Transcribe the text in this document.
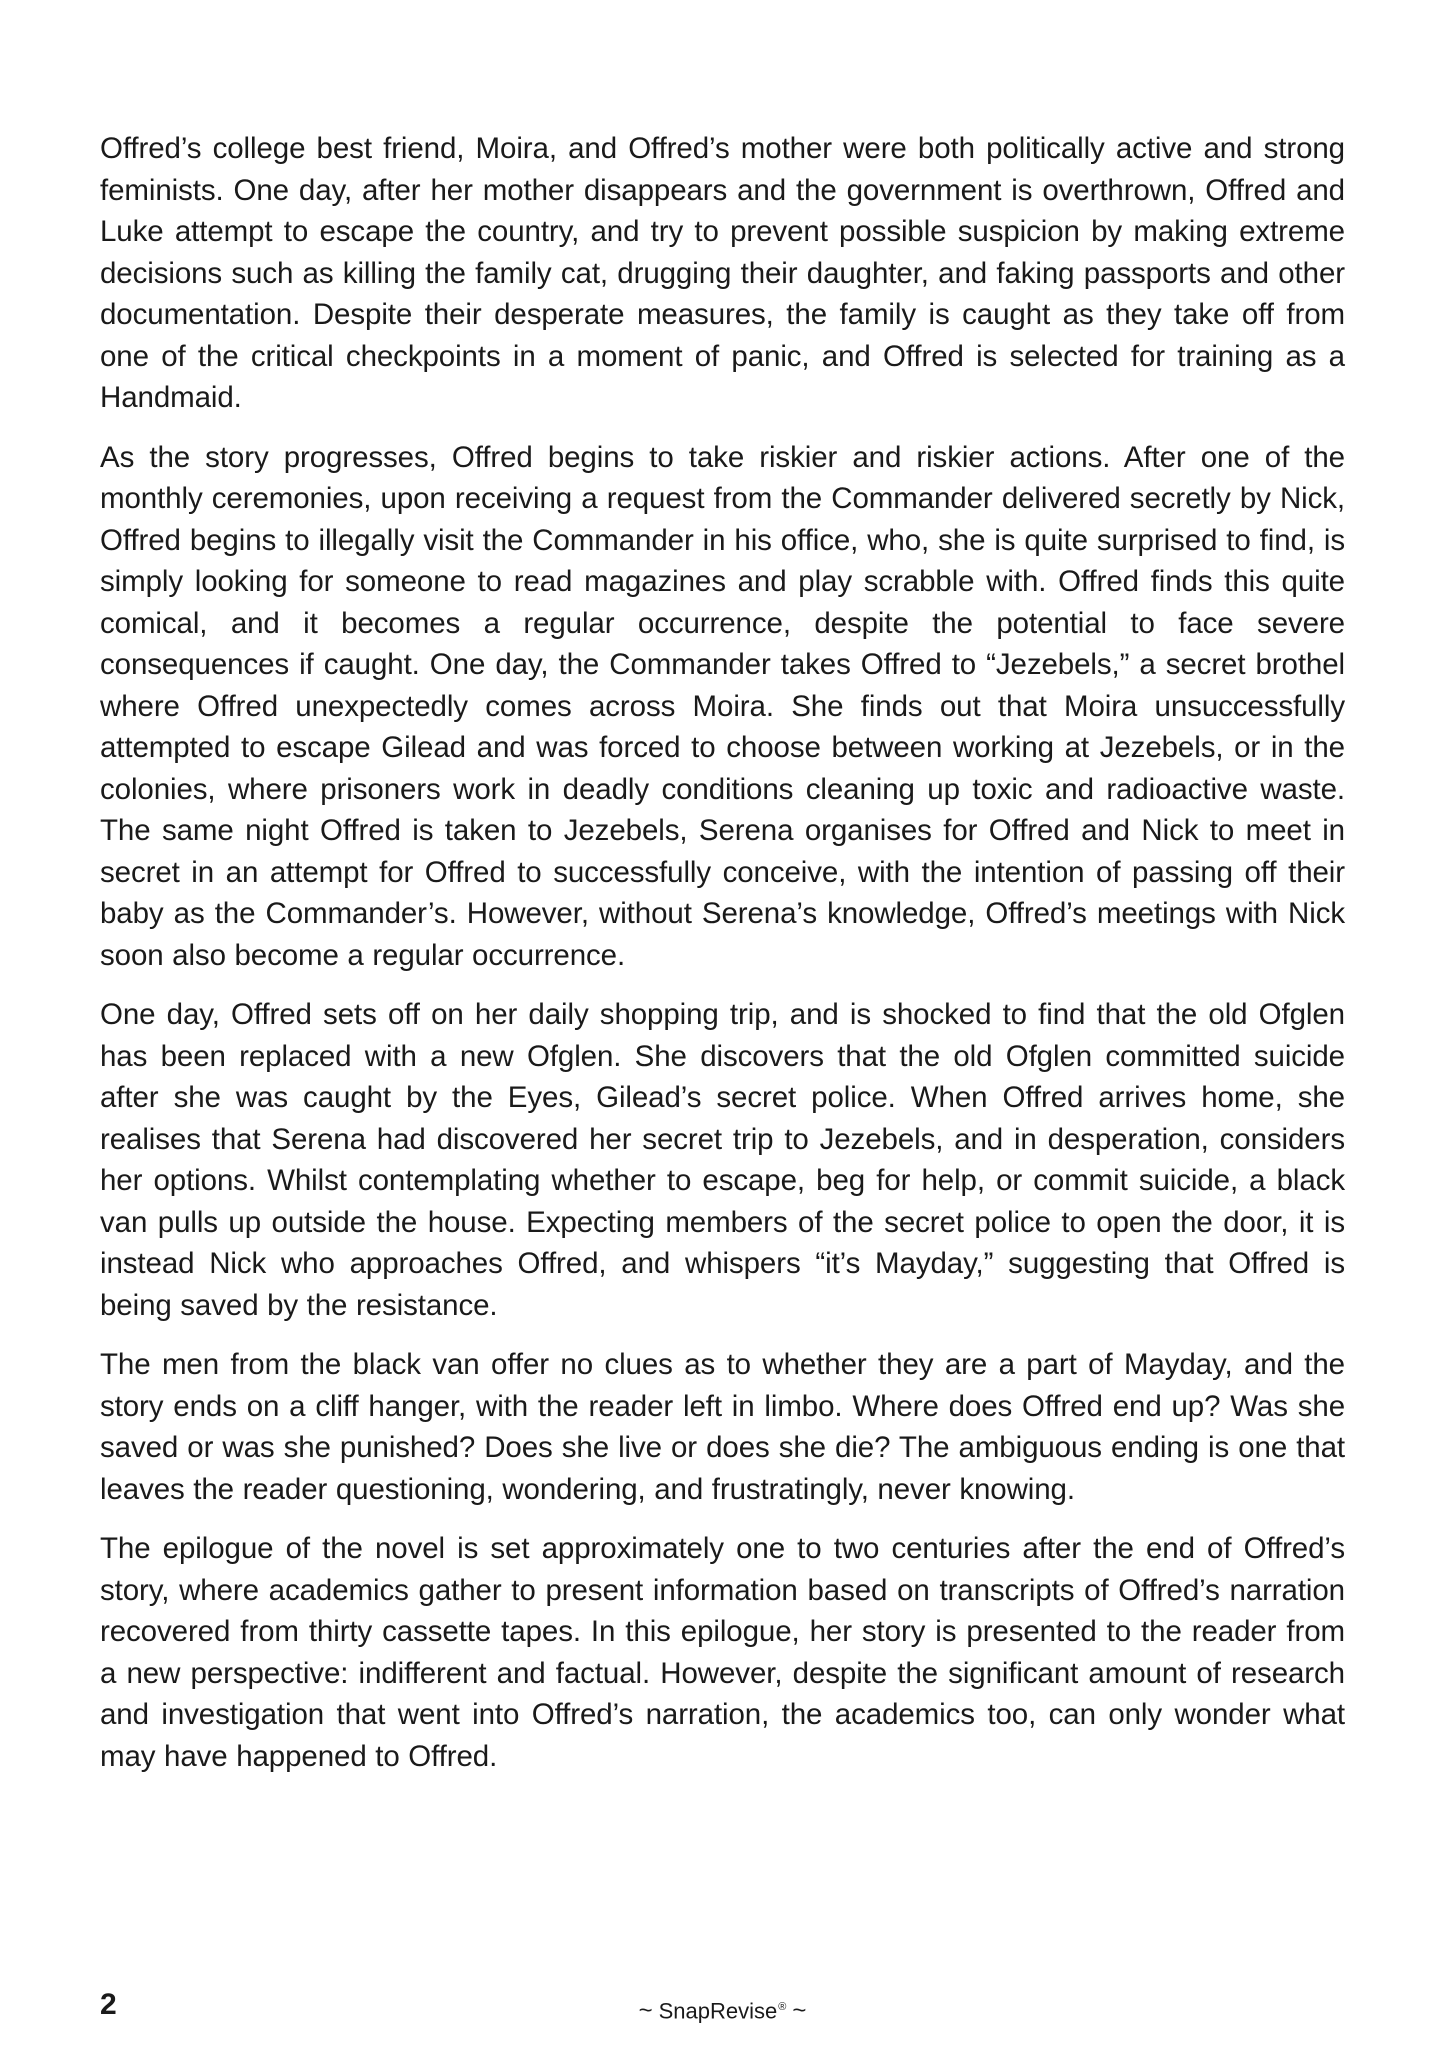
Offred’s college best friend, Moira, and Offred’s mother were both politically active and strong feminists. One day, after her mother disappears and the government is overthrown, Offred and Luke attempt to escape the country, and try to prevent possible suspicion by making extreme decisions such as killing the family cat, drugging their daughter, and faking passports and other documentation. Despite their desperate measures, the family is caught as they take off from one of the critical checkpoints in a moment of panic, and Offred is selected for training as a Handmaid.

As the story progresses, Offred begins to take riskier and riskier actions. After one of the monthly ceremonies, upon receiving a request from the Commander delivered secretly by Nick, Offred begins to illegally visit the Commander in his office, who, she is quite surprised to find, is simply looking for someone to read magazines and play scrabble with. Offred finds this quite comical, and it becomes a regular occurrence, despite the potential to face severe consequences if caught. One day, the Commander takes Offred to “Jezebels,” a secret brothel where Offred unexpectedly comes across Moira. She finds out that Moira unsuccessfully attempted to escape Gilead and was forced to choose between working at Jezebels, or in the colonies, where prisoners work in deadly conditions cleaning up toxic and radioactive waste. The same night Offred is taken to Jezebels, Serena organises for Offred and Nick to meet in secret in an attempt for Offred to successfully conceive, with the intention of passing off their baby as the Commander’s. However, without Serena’s knowledge, Offred’s meetings with Nick soon also become a regular occurrence.

One day, Offred sets off on her daily shopping trip, and is shocked to find that the old Ofglen has been replaced with a new Ofglen. She discovers that the old Ofglen committed suicide after she was caught by the Eyes, Gilead’s secret police. When Offred arrives home, she realises that Serena had discovered her secret trip to Jezebels, and in desperation, considers her options. Whilst contemplating whether to escape, beg for help, or commit suicide, a black van pulls up outside the house. Expecting members of the secret police to open the door, it is instead Nick who approaches Offred, and whispers “it’s Mayday,” suggesting that Offred is being saved by the resistance.

The men from the black van offer no clues as to whether they are a part of Mayday, and the story ends on a cliff hanger, with the reader left in limbo. Where does Offred end up? Was she saved or was she punished? Does she live or does she die? The ambiguous ending is one that leaves the reader questioning, wondering, and frustratingly, never knowing.

The epilogue of the novel is set approximately one to two centuries after the end of Offred’s story, where academics gather to present information based on transcripts of Offred’s narration recovered from thirty cassette tapes. In this epilogue, her story is presented to the reader from a new perspective: indifferent and factual. However, despite the significant amount of research and investigation that went into Offred’s narration, the academics too, can only wonder what may have happened to Offred.

2	~ SnapRevise® ~
